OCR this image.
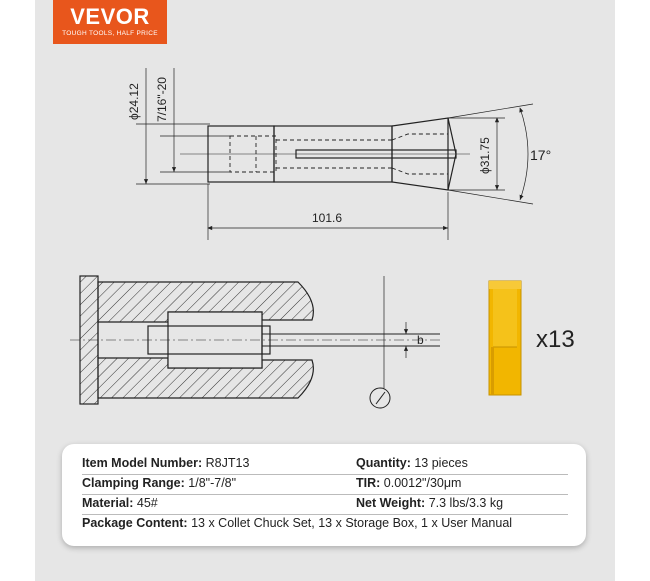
VEVOR
TOUGH TOOLS, HALF PRICE
ϕ24.12 7/16"-20
ϕ31.75	17°
101.6
b	x13
Item Model Number: R8JT13	Quantity: 13 pieces
Clamping Range: 1/8"-7/8"	TIR: 0.0012"/30μm
Material: 45#	Net Weight: 7.3 lbs/3.3 kg
Package Content: 13 x Collet Chuck Set, 13 x Storage Box, 1 x User Manual
